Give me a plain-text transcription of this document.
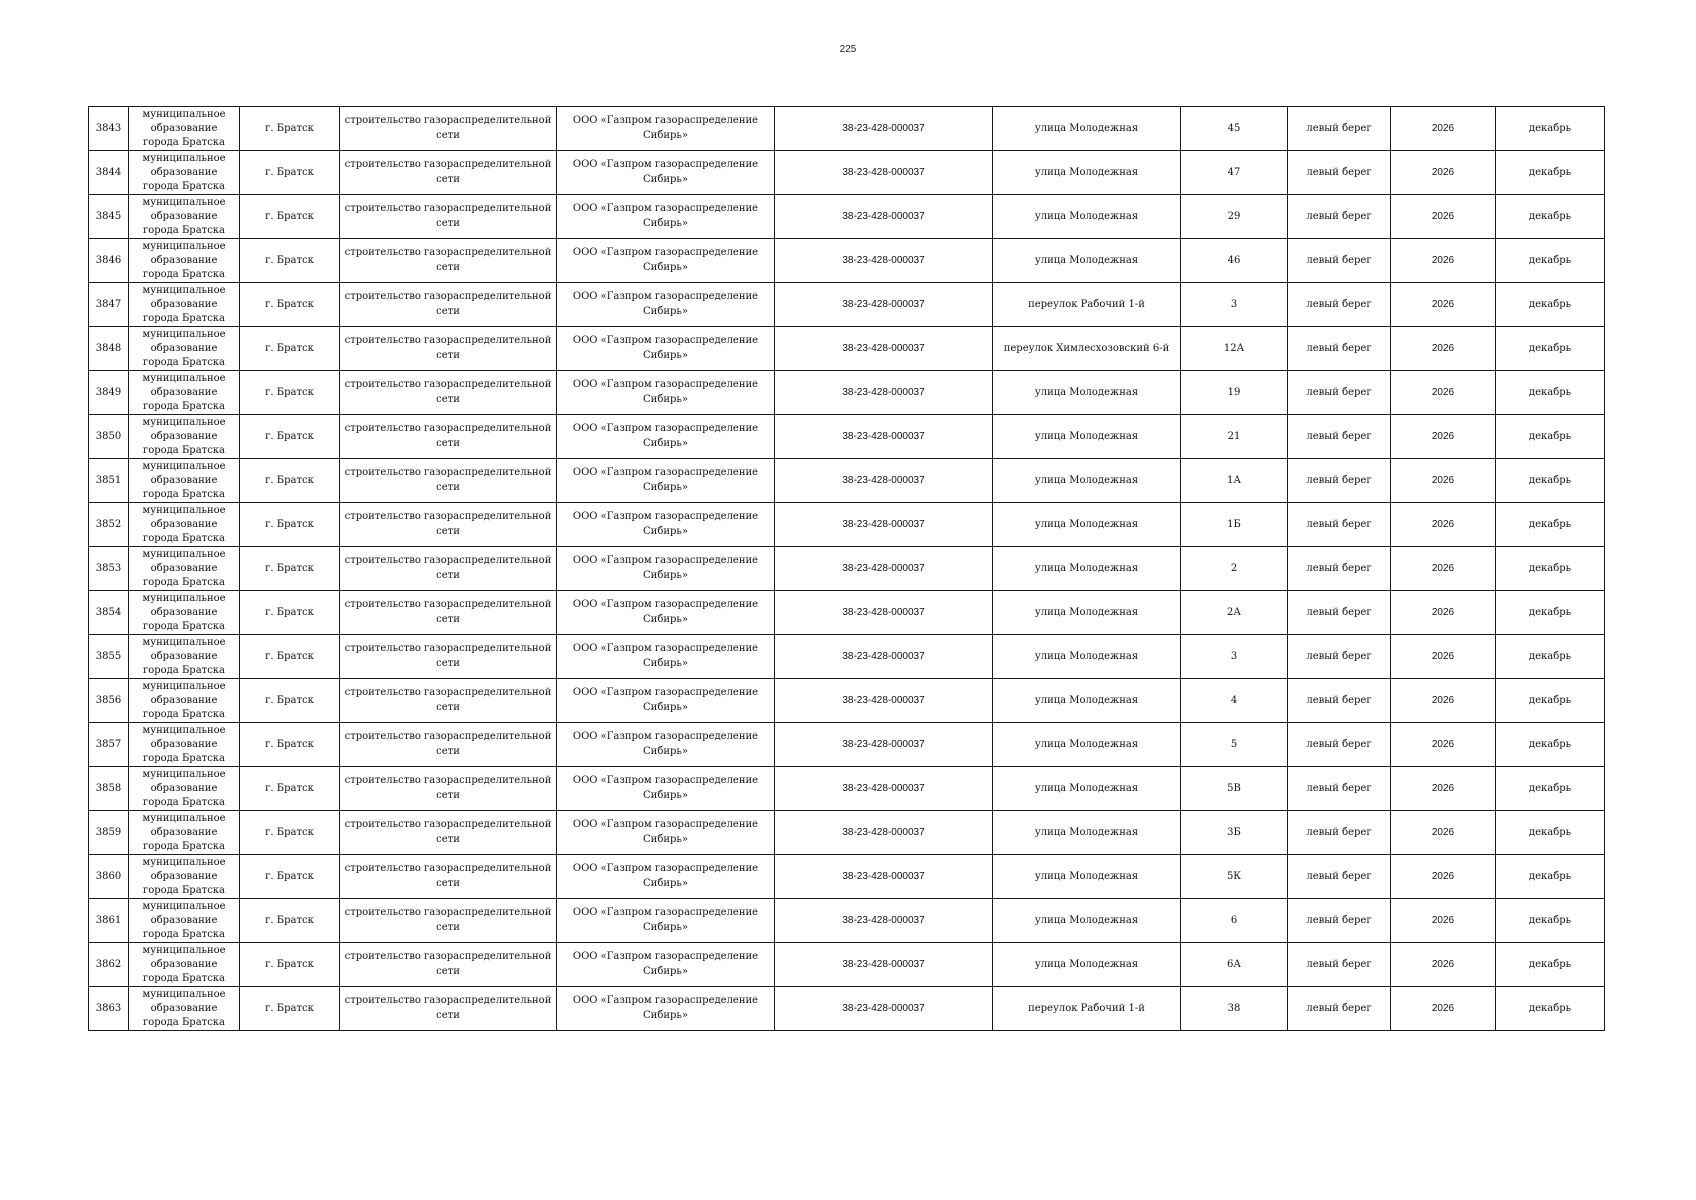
225
3843	муниципальное образование города Братска	г. Братск	строительство газораспределительной сети	ООО «Газпром газораспределение Сибирь»	38-23-428-000037	улица Молодежная	45	левый берег	2026	декабрь
3844	муниципальное образование города Братска	г. Братск	строительство газораспределительной сети	ООО «Газпром газораспределение Сибирь»	38-23-428-000037	улица Молодежная	47	левый берег	2026	декабрь
3845	муниципальное образование города Братска	г. Братск	строительство газораспределительной сети	ООО «Газпром газораспределение Сибирь»	38-23-428-000037	улица Молодежная	29	левый берег	2026	декабрь
3846	муниципальное образование города Братска	г. Братск	строительство газораспределительной сети	ООО «Газпром газораспределение Сибирь»	38-23-428-000037	улица Молодежная	46	левый берег	2026	декабрь
3847	муниципальное образование города Братска	г. Братск	строительство газораспределительной сети	ООО «Газпром газораспределение Сибирь»	38-23-428-000037	переулок Рабочий 1-й	3	левый берег	2026	декабрь
3848	муниципальное образование города Братска	г. Братск	строительство газораспределительной сети	ООО «Газпром газораспределение Сибирь»	38-23-428-000037	переулок Химлесхозовский 6-й	12А	левый берег	2026	декабрь
3849	муниципальное образование города Братска	г. Братск	строительство газораспределительной сети	ООО «Газпром газораспределение Сибирь»	38-23-428-000037	улица Молодежная	19	левый берег	2026	декабрь
3850	муниципальное образование города Братска	г. Братск	строительство газораспределительной сети	ООО «Газпром газораспределение Сибирь»	38-23-428-000037	улица Молодежная	21	левый берег	2026	декабрь
3851	муниципальное образование города Братска	г. Братск	строительство газораспределительной сети	ООО «Газпром газораспределение Сибирь»	38-23-428-000037	улица Молодежная	1А	левый берег	2026	декабрь
3852	муниципальное образование города Братска	г. Братск	строительство газораспределительной сети	ООО «Газпром газораспределение Сибирь»	38-23-428-000037	улица Молодежная	1Б	левый берег	2026	декабрь
3853	муниципальное образование города Братска	г. Братск	строительство газораспределительной сети	ООО «Газпром газораспределение Сибирь»	38-23-428-000037	улица Молодежная	2	левый берег	2026	декабрь
3854	муниципальное образование города Братска	г. Братск	строительство газораспределительной сети	ООО «Газпром газораспределение Сибирь»	38-23-428-000037	улица Молодежная	2А	левый берег	2026	декабрь
3855	муниципальное образование города Братска	г. Братск	строительство газораспределительной сети	ООО «Газпром газораспределение Сибирь»	38-23-428-000037	улица Молодежная	3	левый берег	2026	декабрь
3856	муниципальное образование города Братска	г. Братск	строительство газораспределительной сети	ООО «Газпром газораспределение Сибирь»	38-23-428-000037	улица Молодежная	4	левый берег	2026	декабрь
3857	муниципальное образование города Братска	г. Братск	строительство газораспределительной сети	ООО «Газпром газораспределение Сибирь»	38-23-428-000037	улица Молодежная	5	левый берег	2026	декабрь
3858	муниципальное образование города Братска	г. Братск	строительство газораспределительной сети	ООО «Газпром газораспределение Сибирь»	38-23-428-000037	улица Молодежная	5В	левый берег	2026	декабрь
3859	муниципальное образование города Братска	г. Братск	строительство газораспределительной сети	ООО «Газпром газораспределение Сибирь»	38-23-428-000037	улица Молодежная	3Б	левый берег	2026	декабрь
3860	муниципальное образование города Братска	г. Братск	строительство газораспределительной сети	ООО «Газпром газораспределение Сибирь»	38-23-428-000037	улица Молодежная	5К	левый берег	2026	декабрь
3861	муниципальное образование города Братска	г. Братск	строительство газораспределительной сети	ООО «Газпром газораспределение Сибирь»	38-23-428-000037	улица Молодежная	6	левый берег	2026	декабрь
3862	муниципальное образование города Братска	г. Братск	строительство газораспределительной сети	ООО «Газпром газораспределение Сибирь»	38-23-428-000037	улица Молодежная	6А	левый берег	2026	декабрь
3863	муниципальное образование города Братска	г. Братск	строительство газораспределительной сети	ООО «Газпром газораспределение Сибирь»	38-23-428-000037	переулок Рабочий 1-й	38	левый берег	2026	декабрь
